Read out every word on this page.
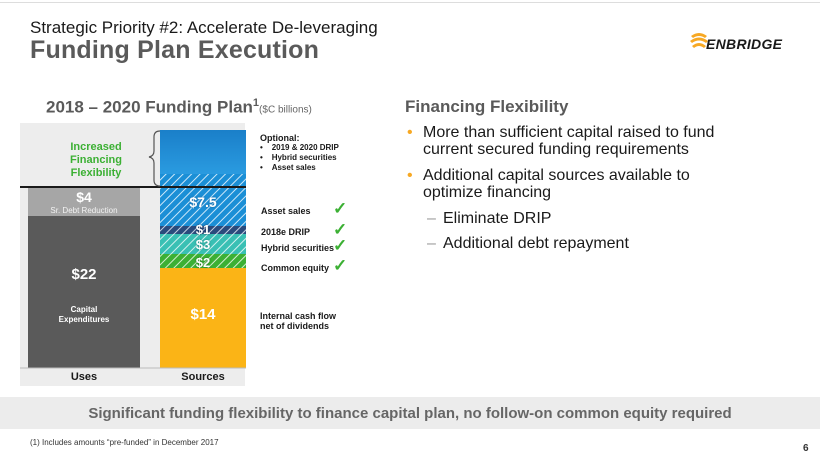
Strategic Priority #2: Accelerate De-leveraging
Funding Plan Execution	ENBRIDGE
2018 – 2020 Funding Plan$^1$($C billions)
Increased
Financing
Flexibility
$4
Sr. Debt Reduction
$22
Capital
Expenditures
$7.5
$1
$3
$2
$14
Uses	Sources
Optional:
•    2019 & 2020 DRIP
•    Hybrid securities
•    Asset sales
Asset sales ✓
2018e DRIP ✓
Hybrid securities
✓
Common equity ✓
Internal cash flow
net of dividends
Financing Flexibility
• More than sufficient capital raised to fund current secured funding requirements
• Additional capital sources available to optimize financing
– Eliminate DRIP
– Additional debt repayment
Significant funding flexibility to finance capital plan, no follow-on common equity required
(1) Includes amounts “pre-funded” in December 2017
6
